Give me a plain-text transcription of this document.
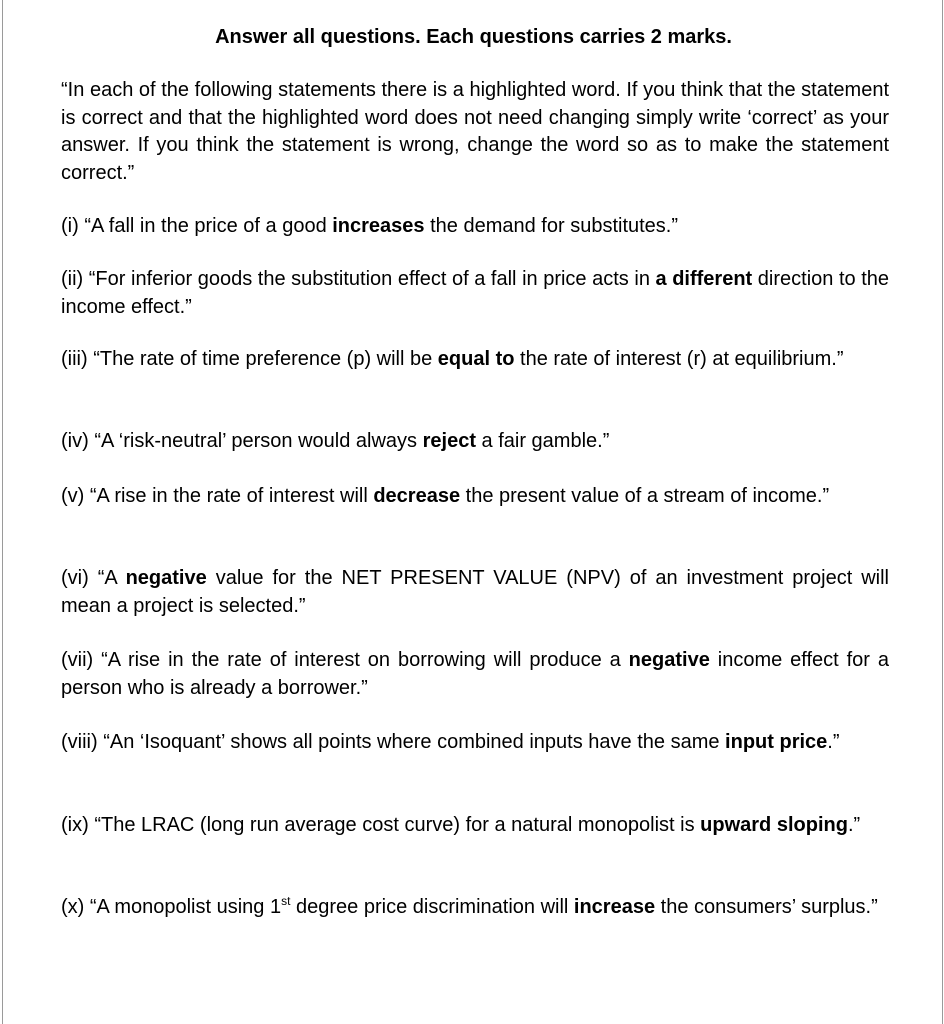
Answer all questions. Each questions carries 2 marks.

“In each of the following statements there is a highlighted word. If you think that the statement is correct and that the highlighted word does not need changing simply write ‘correct’ as your answer. If you think the statement is wrong, change the word so as to make the statement correct.”

(i) “A fall in the price of a good increases the demand for substitutes.”

(ii) “For inferior goods the substitution effect of a fall in price acts in a different direction to the income effect.”

(iii) “The rate of time preference (p) will be equal to the rate of interest (r) at equilibrium.”

(iv) “A ‘risk-neutral’ person would always reject a fair gamble.”

(v) “A rise in the rate of interest will decrease the present value of a stream of income.”

(vi) “A negative value for the NET PRESENT VALUE (NPV) of an investment project will mean a project is selected.”

(vii) “A rise in the rate of interest on borrowing will produce a negative income effect for a person who is already a borrower.”

(viii) “An ‘Isoquant’ shows all points where combined inputs have the same input price.”

(ix) “The LRAC (long run average cost curve) for a natural monopolist is upward sloping.”

(x) “A monopolist using 1st degree price discrimination will increase the consumers’ surplus.”
